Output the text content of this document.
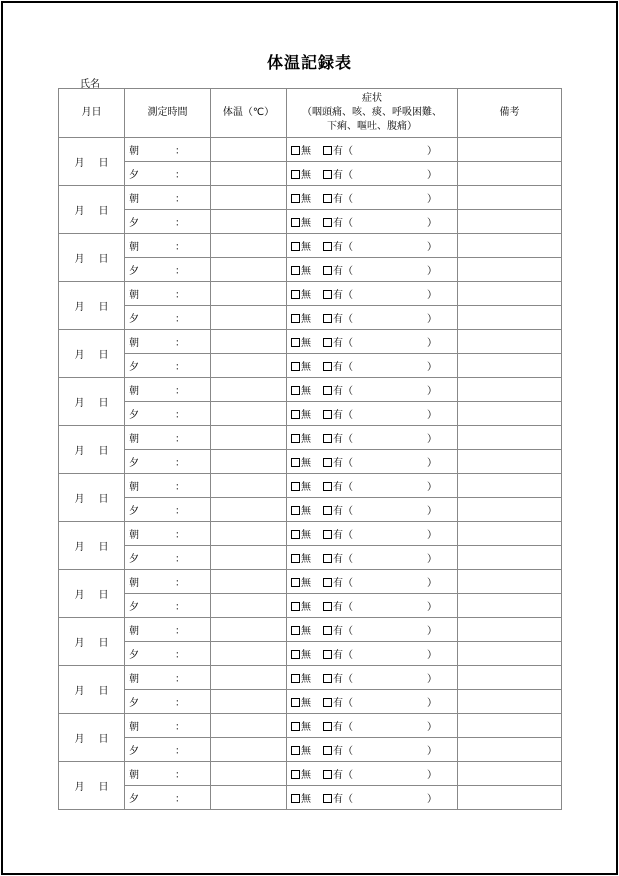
体温記録表
氏名
月日	測定時間	体温（℃）	症状
（咽頭痛、咳、痰、呼吸困難、
下痢、嘔吐、腹痛）	備考
月 日	朝 ：		無 有（ ）	
	夕 ：		無 有（ ）	
月 日	朝 ：		無 有（ ）	
	夕 ：		無 有（ ）	
月 日	朝 ：		無 有（ ）	
	夕 ：		無 有（ ）	
月 日	朝 ：		無 有（ ）	
	夕 ：		無 有（ ）	
月 日	朝 ：		無 有（ ）	
	夕 ：		無 有（ ）	
月 日	朝 ：		無 有（ ）	
	夕 ：		無 有（ ）	
月 日	朝 ：		無 有（ ）	
	夕 ：		無 有（ ）	
月 日	朝 ：		無 有（ ）	
	夕 ：		無 有（ ）	
月 日	朝 ：		無 有（ ）	
	夕 ：		無 有（ ）	
月 日	朝 ：		無 有（ ）	
	夕 ：		無 有（ ）	
月 日	朝 ：		無 有（ ）	
	夕 ：		無 有（ ）	
月 日	朝 ：		無 有（ ）	
	夕 ：		無 有（ ）	
月 日	朝 ：		無 有（ ）	
	夕 ：		無 有（ ）	
月 日	朝 ：		無 有（ ）	
	夕 ：		無 有（ ）	
